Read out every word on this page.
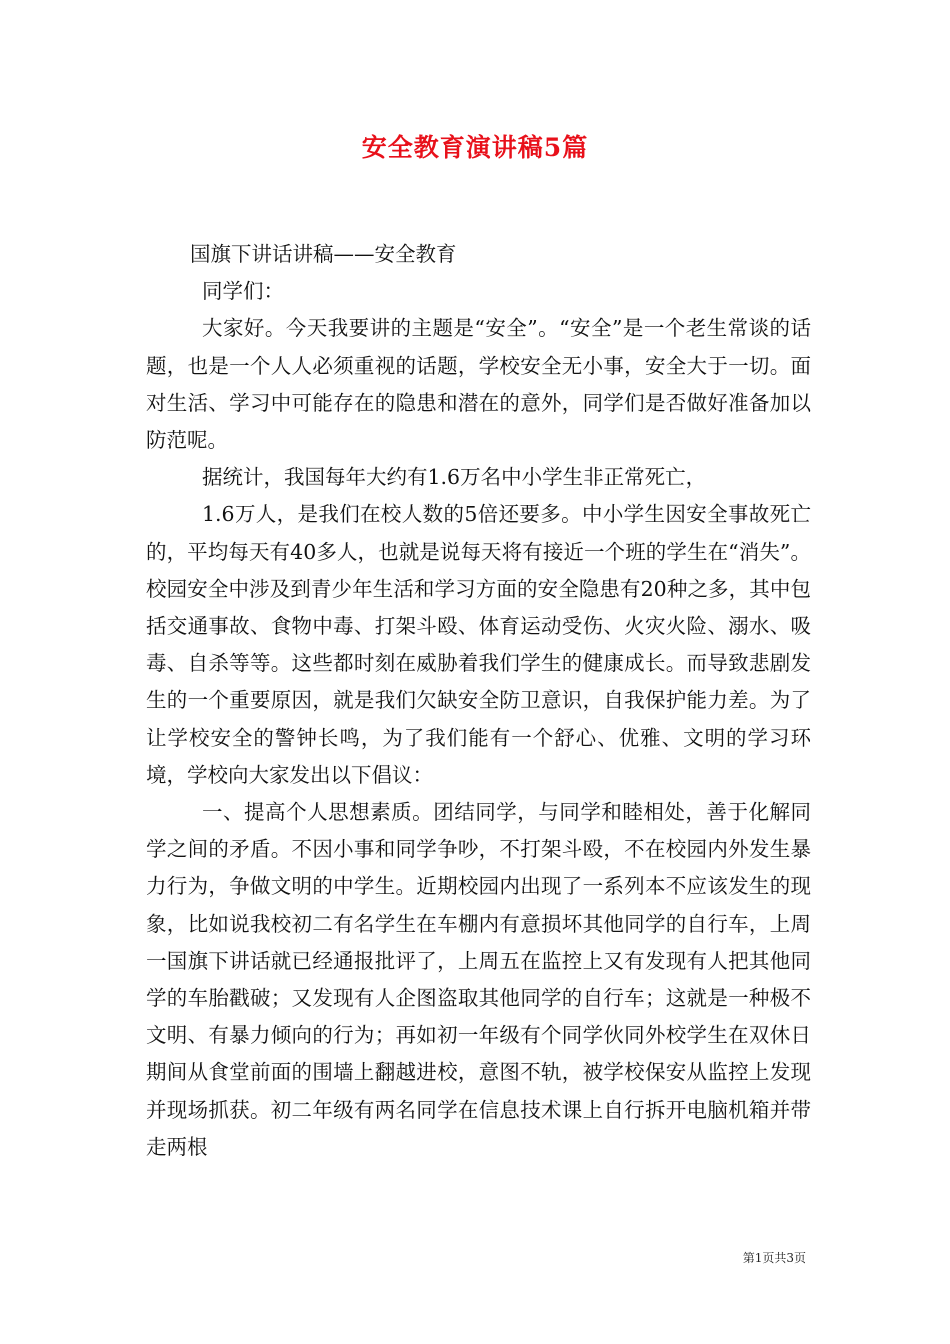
安全教育演讲稿5篇

国旗下讲话讲稿——安全教育

同学们：

大家好。今天我要讲的主题是“安全”。“安全”是一个老生常谈的话题，也是一个人人必须重视的话题，学校安全无小事，安全大于一切。面对生活、学习中可能存在的隐患和潜在的意外，同学们是否做好准备加以防范呢。

据统计，我国每年大约有1.6万名中小学生非正常死亡，

1.6万人，是我们在校人数的5倍还要多。中小学生因安全事故死亡的，平均每天有40多人，也就是说每天将有接近一个班的学生在“消失”。校园安全中涉及到青少年生活和学习方面的安全隐患有20种之多，其中包括交通事故、食物中毒、打架斗殴、体育运动受伤、火灾火险、溺水、吸毒、自杀等等。这些都时刻在威胁着我们学生的健康成长。而导致悲剧发生的一个重要原因，就是我们欠缺安全防卫意识，自我保护能力差。为了让学校安全的警钟长鸣，为了我们能有一个舒心、优雅、文明的学习环境，学校向大家发出以下倡议：

一、提高个人思想素质。团结同学，与同学和睦相处，善于化解同学之间的矛盾。不因小事和同学争吵，不打架斗殴，不在校园内外发生暴力行为，争做文明的中学生。近期校园内出现了一系列本不应该发生的现象，比如说我校初二有名学生在车棚内有意损坏其他同学的自行车，上周一国旗下讲话就已经通报批评了，上周五在监控上又有发现有人把其他同学的车胎戳破；又发现有人企图盗取其他同学的自行车；这就是一种极不文明、有暴力倾向的行为；再如初一年级有个同学伙同外校学生在双休日期间从食堂前面的围墙上翻越进校，意图不轨，被学校保安从监控上发现并现场抓获。初二年级有两名同学在信息技术课上自行拆开电脑机箱并带走两根

第1页共3页
